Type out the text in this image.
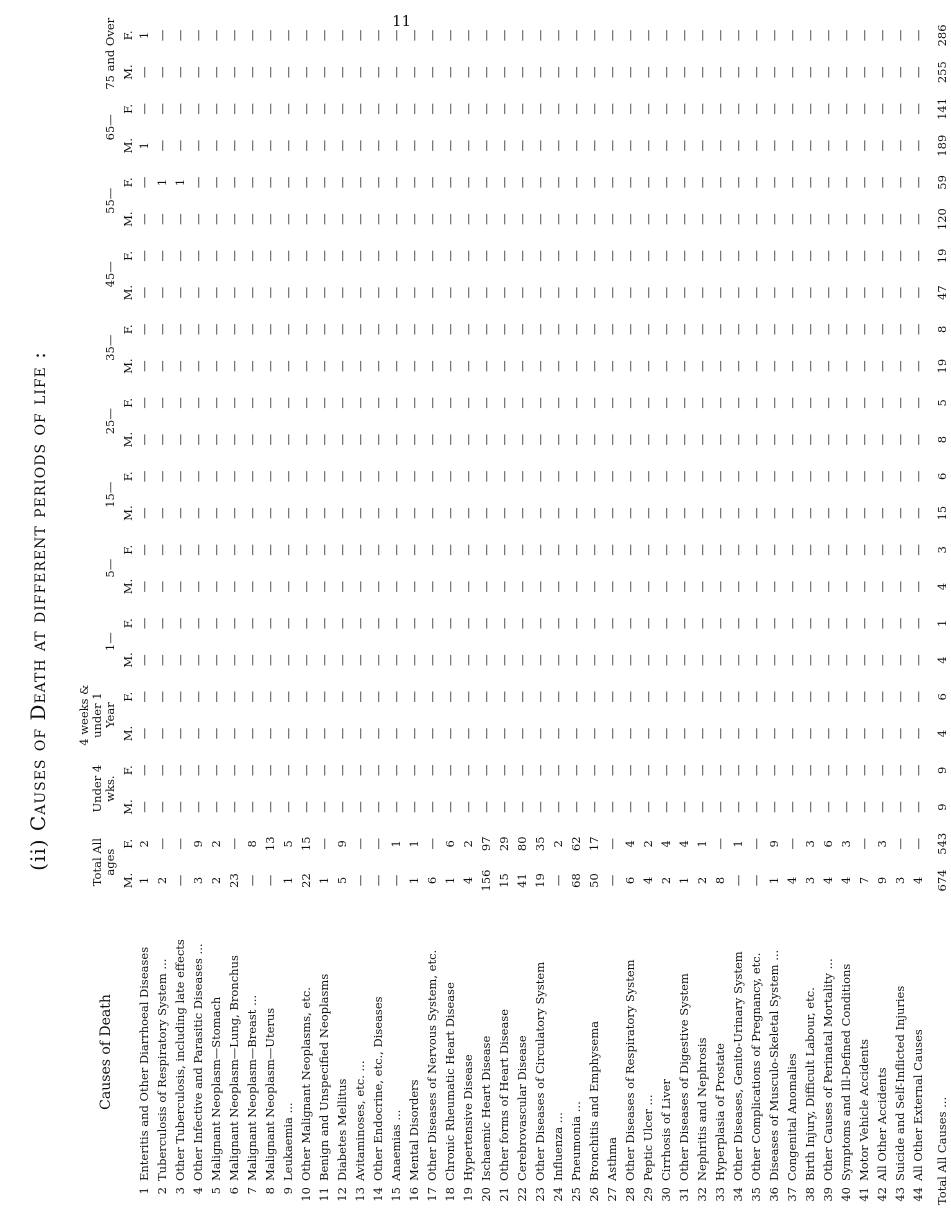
11
(ii) Causes of Death at different periods of life :
Causes of Death	Total All ages		Under 4 wks.		4 weeks & under 1 Year		1—		5—		15—		25—		35—		45—		55—		65—		75 and Over	
	M.	F.	M.	F.	M.	F.	M.	F.	M.	F.	M.	F.	M.	F.	M.	F.	M.	F.	M.	F.	M.	F.	M.	F.
1Enteritis and Other Diarrhoeal Diseases	1	2	—	—	—	—	—	—	—	—	—	—	—	—	—	—	—	—	—	—	1	—	—	1
2Tuberculosis of Respiratory System ...	2	—	—	—	—	—	—	—	—	—	—	—	—	—	—	—	—	—	—	1	—	—	—	—
3Other Tuberculosis, including late effects	—	—	—	—	—	—	—	—	—	—	—	—	—	—	—	—	—	—	—	1	—	—	—	—
4Other Infective and Parasitic Diseases ...	3	9	—	—	—	—	—	—	—	—	—	—	—	—	—	—	—	—	—	—	—	—	—	—
5Malignant Neoplasm—Stomach	2	2	—	—	—	—	—	—	—	—	—	—	—	—	—	—	—	—	—	—	—	—	—	—
6Malignant Neoplasm—Lung, Bronchus	23	—	—	—	—	—	—	—	—	—	—	—	—	—	—	—	—	—	—	—	—	—	—	—
7Malignant Neoplasm—Breast ...	—	8	—	—	—	—	—	—	—	—	—	—	—	—	—	—	—	—	—	—	—	—	—	—
8Malignant Neoplasm—Uterus	—	13	—	—	—	—	—	—	—	—	—	—	—	—	—	—	—	—	—	—	—	—	—	—
9Leukaemia ...	1	5	—	—	—	—	—	—	—	—	—	—	—	—	—	—	—	—	—	—	—	—	—	—
10Other Malignant Neoplasms, etc.	22	15	—	—	—	—	—	—	—	—	—	—	—	—	—	—	—	—	—	—	—	—	—	—
11Benign and Unspecified Neoplasms	1	—	—	—	—	—	—	—	—	—	—	—	—	—	—	—	—	—	—	—	—	—	—	—
12Diabetes Mellitus	5	9	—	—	—	—	—	—	—	—	—	—	—	—	—	—	—	—	—	—	—	—	—	—
13Avitaminoses, etc. ...	—	—	—	—	—	—	—	—	—	—	—	—	—	—	—	—	—	—	—	—	—	—	—	—
14Other Endocrine, etc., Diseases	—	—	—	—	—	—	—	—	—	—	—	—	—	—	—	—	—	—	—	—	—	—	—	—
15Anaemias ...	—	1	—	—	—	—	—	—	—	—	—	—	—	—	—	—	—	—	—	—	—	—	—	—
16Mental Disorders	1	1	—	—	—	—	—	—	—	—	—	—	—	—	—	—	—	—	—	—	—	—	—	—
17Other Diseases of Nervous System, etc.	6	—	—	—	—	—	—	—	—	—	—	—	—	—	—	—	—	—	—	—	—	—	—	—
18Chronic Rheumatic Heart Disease	1	6	—	—	—	—	—	—	—	—	—	—	—	—	—	—	—	—	—	—	—	—	—	—
19Hypertensive Disease	4	2	—	—	—	—	—	—	—	—	—	—	—	—	—	—	—	—	—	—	—	—	—	—
20Ischaemic Heart Disease	156	97	—	—	—	—	—	—	—	—	—	—	—	—	—	—	—	—	—	—	—	—	—	—
21Other forms of Heart Disease	15	29	—	—	—	—	—	—	—	—	—	—	—	—	—	—	—	—	—	—	—	—	—	—
22Cerebrovascular Disease	41	80	—	—	—	—	—	—	—	—	—	—	—	—	—	—	—	—	—	—	—	—	—	—
23Other Diseases of Circulatory System	19	35	—	—	—	—	—	—	—	—	—	—	—	—	—	—	—	—	—	—	—	—	—	—
24Influenza ...	—	2	—	—	—	—	—	—	—	—	—	—	—	—	—	—	—	—	—	—	—	—	—	—
25Pneumonia ...	68	62	—	—	—	—	—	—	—	—	—	—	—	—	—	—	—	—	—	—	—	—	—	—
26Bronchitis and Emphysema	50	17	—	—	—	—	—	—	—	—	—	—	—	—	—	—	—	—	—	—	—	—	—	—
27Asthma	—	—	—	—	—	—	—	—	—	—	—	—	—	—	—	—	—	—	—	—	—	—	—	—
28Other Diseases of Respiratory System	6	4	—	—	—	—	—	—	—	—	—	—	—	—	—	—	—	—	—	—	—	—	—	—
29Peptic Ulcer ...	4	2	—	—	—	—	—	—	—	—	—	—	—	—	—	—	—	—	—	—	—	—	—	—
30Cirrhosis of Liver	2	4	—	—	—	—	—	—	—	—	—	—	—	—	—	—	—	—	—	—	—	—	—	—
31Other Diseases of Digestive System	1	4	—	—	—	—	—	—	—	—	—	—	—	—	—	—	—	—	—	—	—	—	—	—
32Nephritis and Nephrosis	2	1	—	—	—	—	—	—	—	—	—	—	—	—	—	—	—	—	—	—	—	—	—	—
33Hyperplasia of Prostate	8	—	—	—	—	—	—	—	—	—	—	—	—	—	—	—	—	—	—	—	—	—	—	—
34Other Diseases, Genito-Urinary System	—	1	—	—	—	—	—	—	—	—	—	—	—	—	—	—	—	—	—	—	—	—	—	—
35Other Complications of Pregnancy, etc.	—	—	—	—	—	—	—	—	—	—	—	—	—	—	—	—	—	—	—	—	—	—	—	—
36Diseases of Musculo-Skeletal System ...	1	9	—	—	—	—	—	—	—	—	—	—	—	—	—	—	—	—	—	—	—	—	—	—
37Congenital Anomalies	4	—	—	—	—	—	—	—	—	—	—	—	—	—	—	—	—	—	—	—	—	—	—	—
38Birth Injury, Difficult Labour, etc.	3	3	—	—	—	—	—	—	—	—	—	—	—	—	—	—	—	—	—	—	—	—	—	—
39Other Causes of Perinatal Mortality ...	4	6	—	—	—	—	—	—	—	—	—	—	—	—	—	—	—	—	—	—	—	—	—	—
40Symptoms and Ill-Defined Conditions	4	3	—	—	—	—	—	—	—	—	—	—	—	—	—	—	—	—	—	—	—	—	—	—
41Motor Vehicle Accidents	7	—	—	—	—	—	—	—	—	—	—	—	—	—	—	—	—	—	—	—	—	—	—	—
42All Other Accidents	9	3	—	—	—	—	—	—	—	—	—	—	—	—	—	—	—	—	—	—	—	—	—	—
43Suicide and Self-Inflicted Injuries	3	—	—	—	—	—	—	—	—	—	—	—	—	—	—	—	—	—	—	—	—	—	—	—
44All Other External Causes	4	—	—	—	—	—	—	—	—	—	—	—	—	—	—	—	—	—	—	—	—	—	—	—
Total All Causes ...	674	543	9	9	4	6	4	1	4	3	15	6	8	5	19	8	47	19	120	59	189	141	255	286
